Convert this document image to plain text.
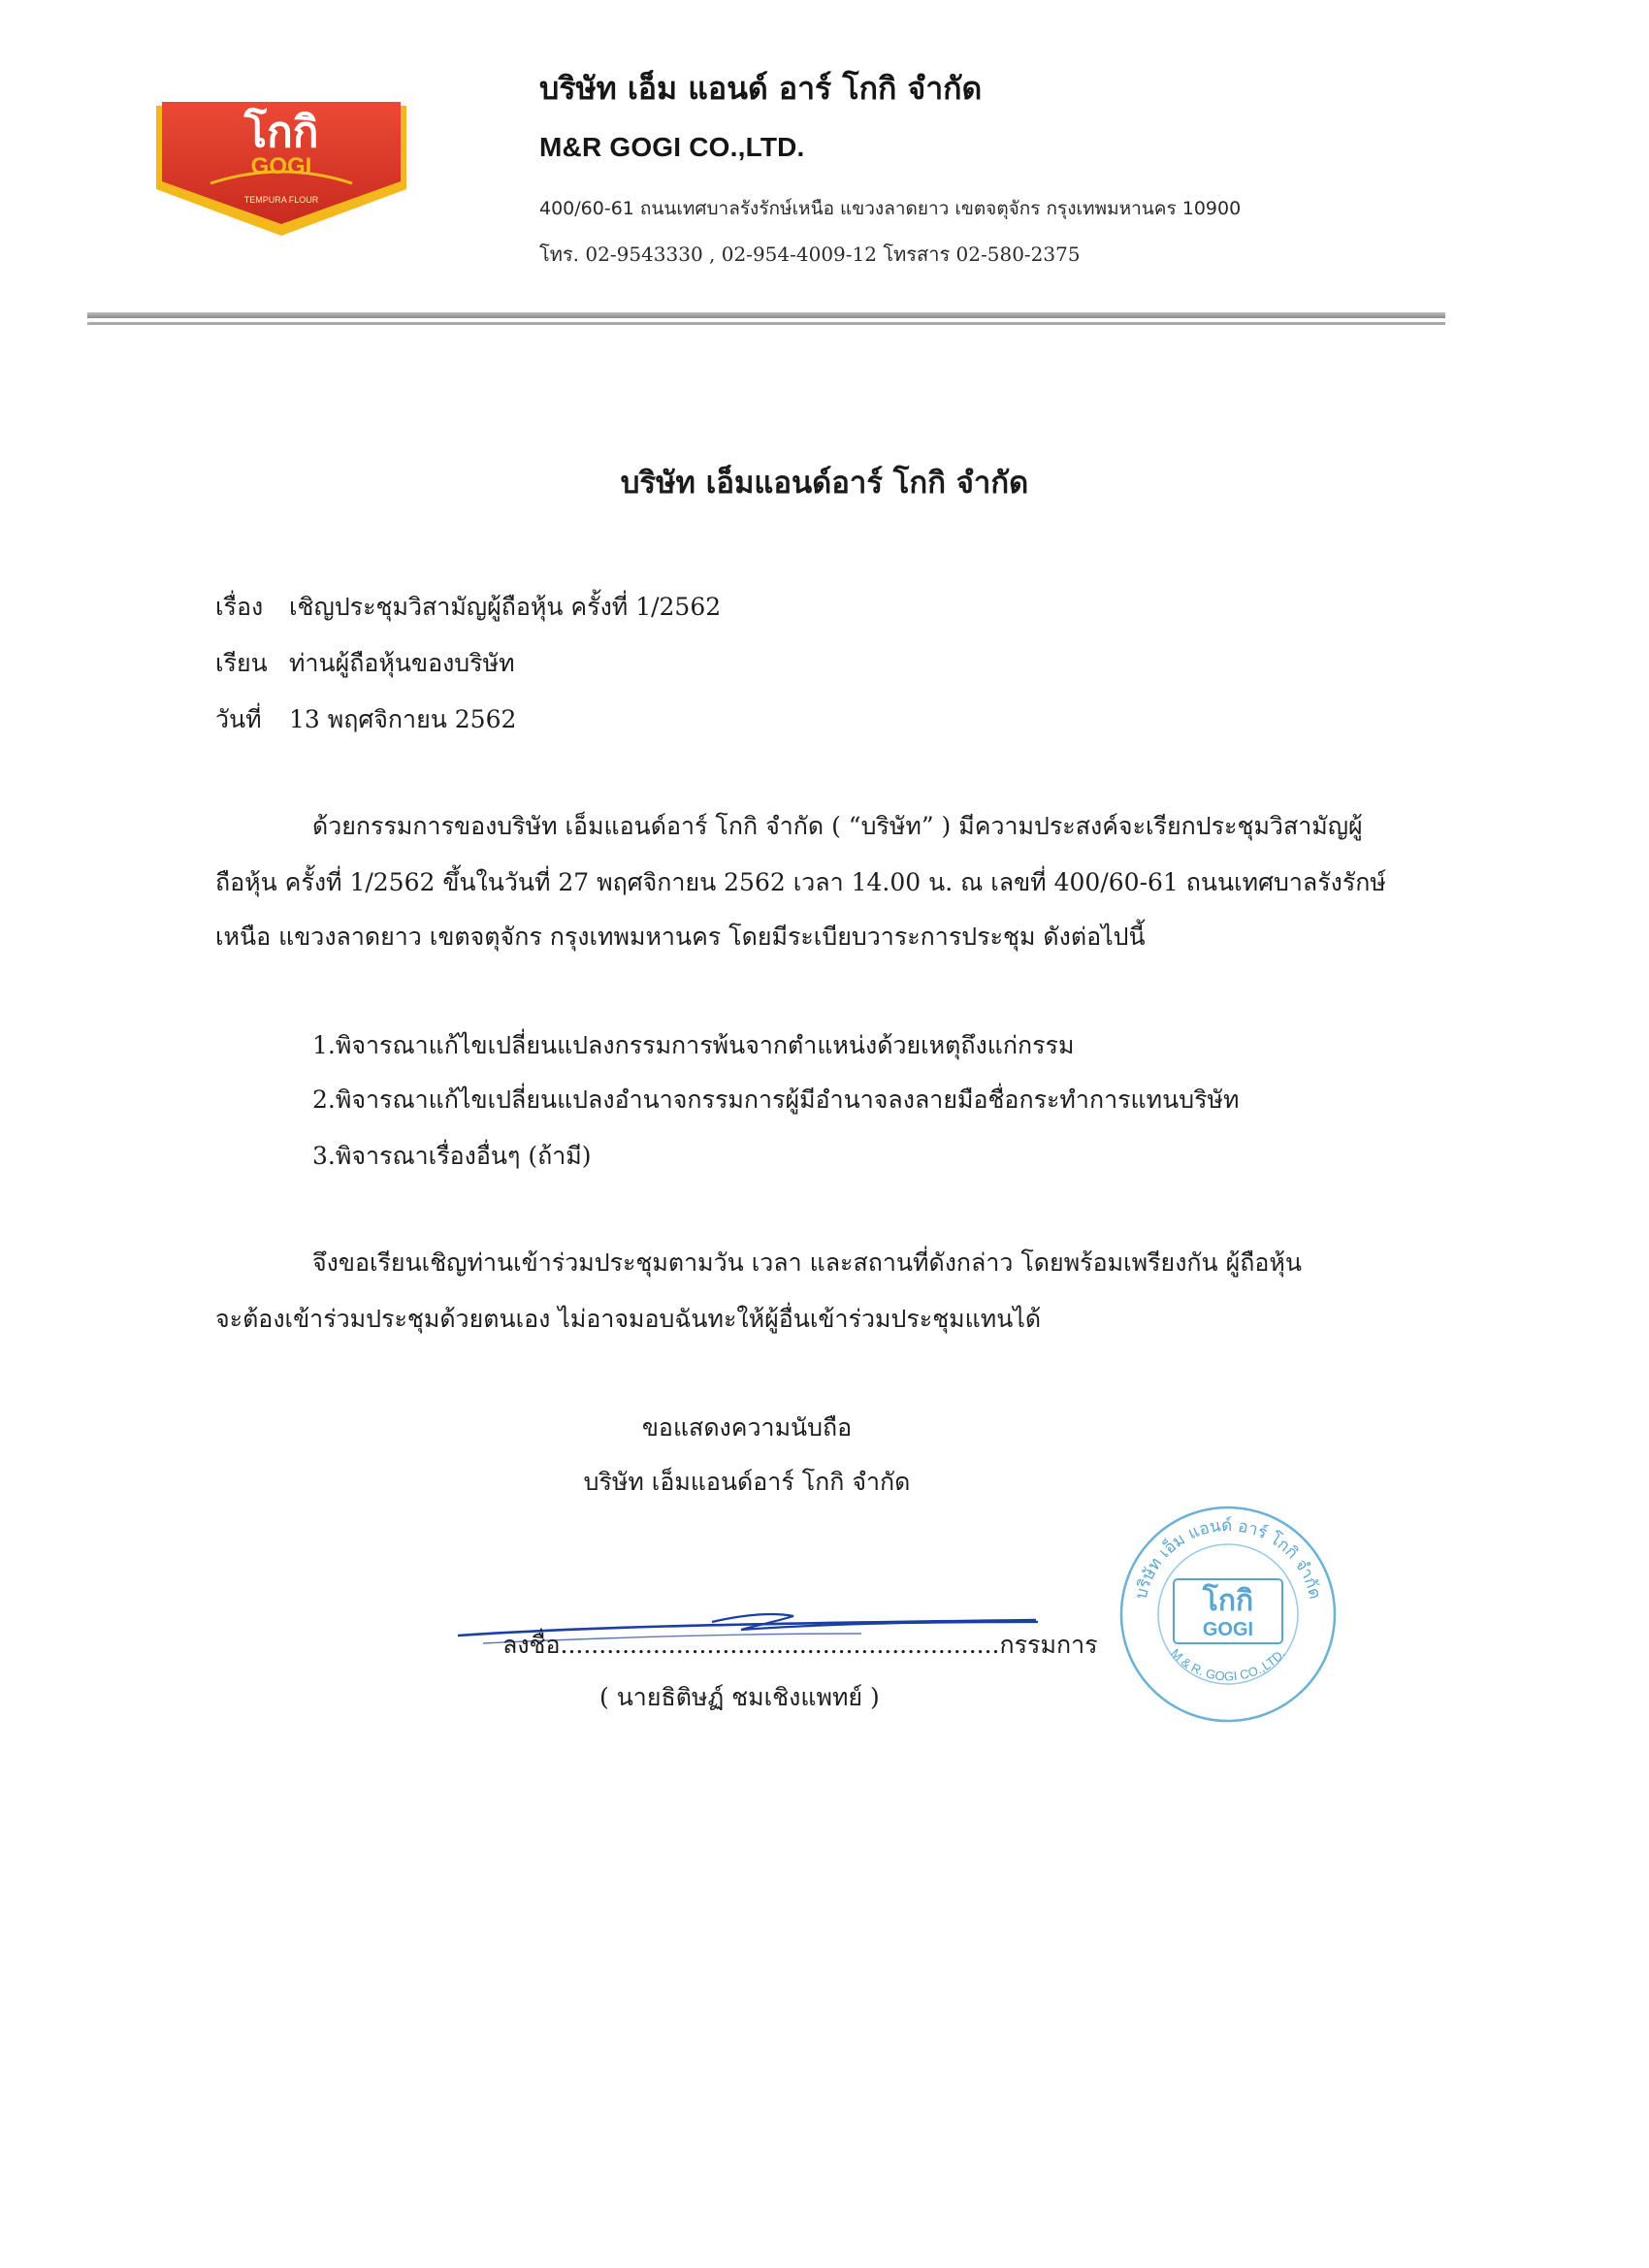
โกกิ
GOGI
TEMPURA FLOUR
บริษัท เอ็ม แอนด์ อาร์ โกกิ จำกัด
M&R GOGI CO.,LTD.
400/60-61 ถนนเทศบาลรังรักษ์เหนือ แขวงลาดยาว เขตจตุจักร กรุงเทพมหานคร 10900
โทร. 02-9543330 , 02-954-4009-12 โทรสาร 02-580-2375
บริษัท เอ็มแอนด์อาร์ โกกิ จำกัด
เรื่อง เชิญประชุมวิสามัญผู้ถือหุ้น ครั้งที่ 1/2562
เรียน ท่านผู้ถือหุ้นของบริษัท
วันที่ 13 พฤศจิกายน 2562
ด้วยกรรมการของบริษัท เอ็มแอนด์อาร์ โกกิ จำกัด ( “บริษัท” ) มีความประสงค์จะเรียกประชุมวิสามัญผู้
ถือหุ้น ครั้งที่ 1/2562 ขึ้นในวันที่ 27 พฤศจิกายน 2562 เวลา 14.00 น. ณ เลขที่ 400/60-61 ถนนเทศบาลรังรักษ์
เหนือ แขวงลาดยาว เขตจตุจักร กรุงเทพมหานคร โดยมีระเบียบวาระการประชุม ดังต่อไปนี้
1.พิจารณาแก้ไขเปลี่ยนแปลงกรรมการพ้นจากตำแหน่งด้วยเหตุถึงแก่กรรม
2.พิจารณาแก้ไขเปลี่ยนแปลงอำนาจกรรมการผู้มีอำนาจลงลายมือชื่อกระทำการแทนบริษัท
3.พิจารณาเรื่องอื่นๆ (ถ้ามี)
จึงขอเรียนเชิญท่านเข้าร่วมประชุมตามวัน เวลา และสถานที่ดังกล่าว โดยพร้อมเพรียงกัน ผู้ถือหุ้น
จะต้องเข้าร่วมประชุมด้วยตนเอง ไม่อาจมอบฉันทะให้ผู้อื่นเข้าร่วมประชุมแทนได้
ขอแสดงความนับถือ
บริษัท เอ็มแอนด์อาร์ โกกิ จำกัด
ลงชื่อ.........................................................กรรมการ
( นายธิติษฏ์ ชมเชิงแพทย์ )
บริษัท เอ็ม แอนด์ อาร์ โกกิ จำกัด
M & R. GOGI CO.,LTD.
โกกิ
GOGI
